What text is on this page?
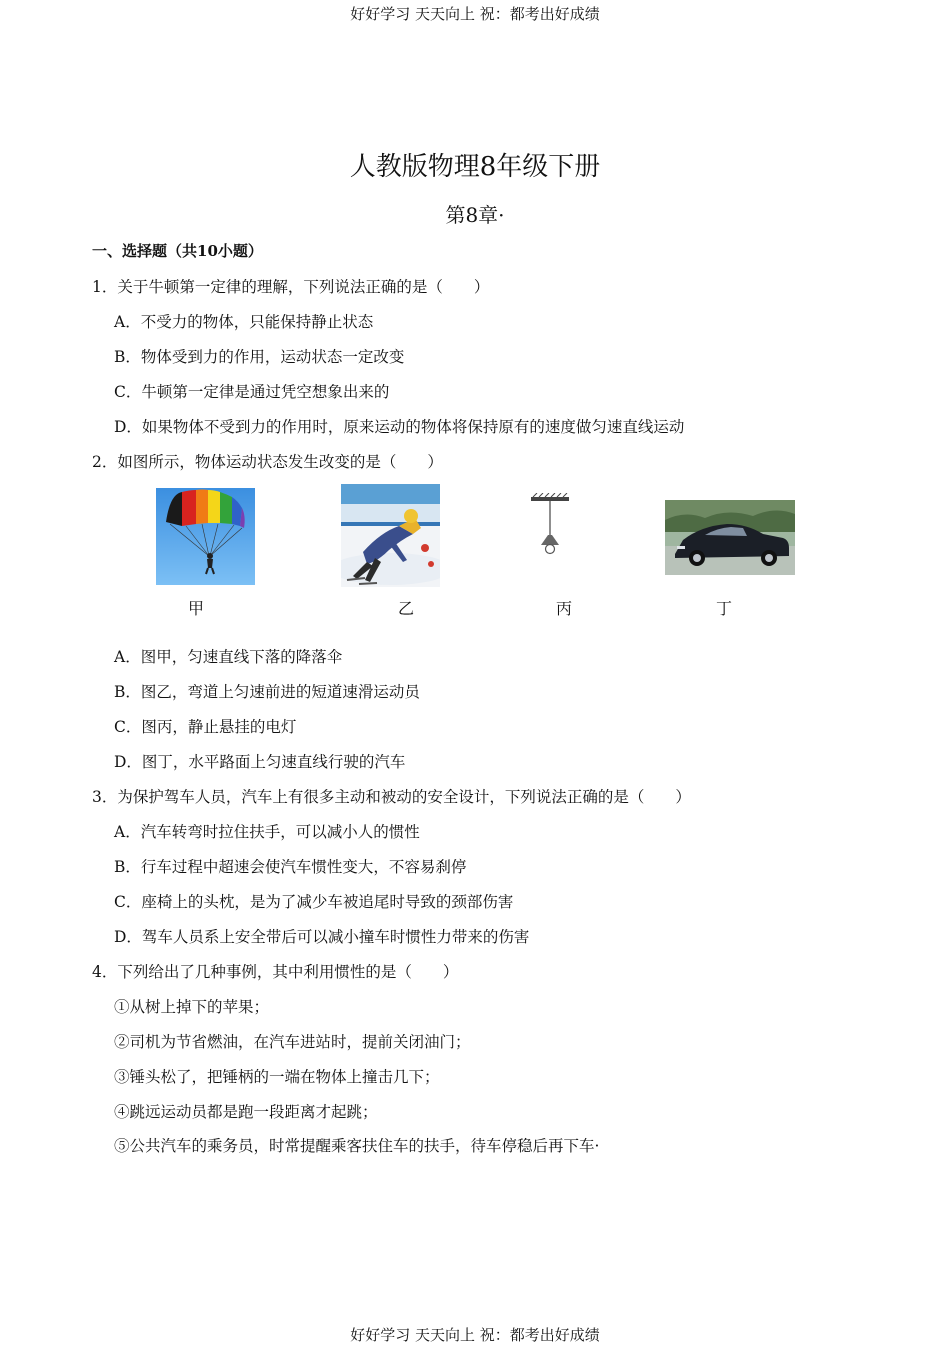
好好学习 天天向上 祝：都考出好成绩
人教版物理8年级下册
第8章·
一、选择题（共10小题）
1．关于牛顿第一定律的理解，下列说法正确的是（　　）
A．不受力的物体，只能保持静止状态
B．物体受到力的作用，运动状态一定改变
C．牛顿第一定律是通过凭空想象出来的
D．如果物体不受到力的作用时，原来运动的物体将保持原有的速度做匀速直线运动
2．如图所示，物体运动状态发生改变的是（　　）
甲	乙	丙	丁
A．图甲，匀速直线下落的降落伞
B．图乙，弯道上匀速前进的短道速滑运动员
C．图丙，静止悬挂的电灯
D．图丁，水平路面上匀速直线行驶的汽车
3．为保护驾车人员，汽车上有很多主动和被动的安全设计，下列说法正确的是（　　）
A．汽车转弯时拉住扶手，可以减小人的惯性
B．行车过程中超速会使汽车惯性变大，不容易刹停
C．座椅上的头枕，是为了减少车被追尾时导致的颈部伤害
D．驾车人员系上安全带后可以减小撞车时惯性力带来的伤害
4．下列给出了几种事例，其中利用惯性的是（　　）
①从树上掉下的苹果；
②司机为节省燃油，在汽车进站时，提前关闭油门；
③锤头松了，把锤柄的一端在物体上撞击几下；
④跳远运动员都是跑一段距离才起跳；
⑤公共汽车的乘务员，时常提醒乘客扶住车的扶手，待车停稳后再下车·
好好学习 天天向上 祝：都考出好成绩
